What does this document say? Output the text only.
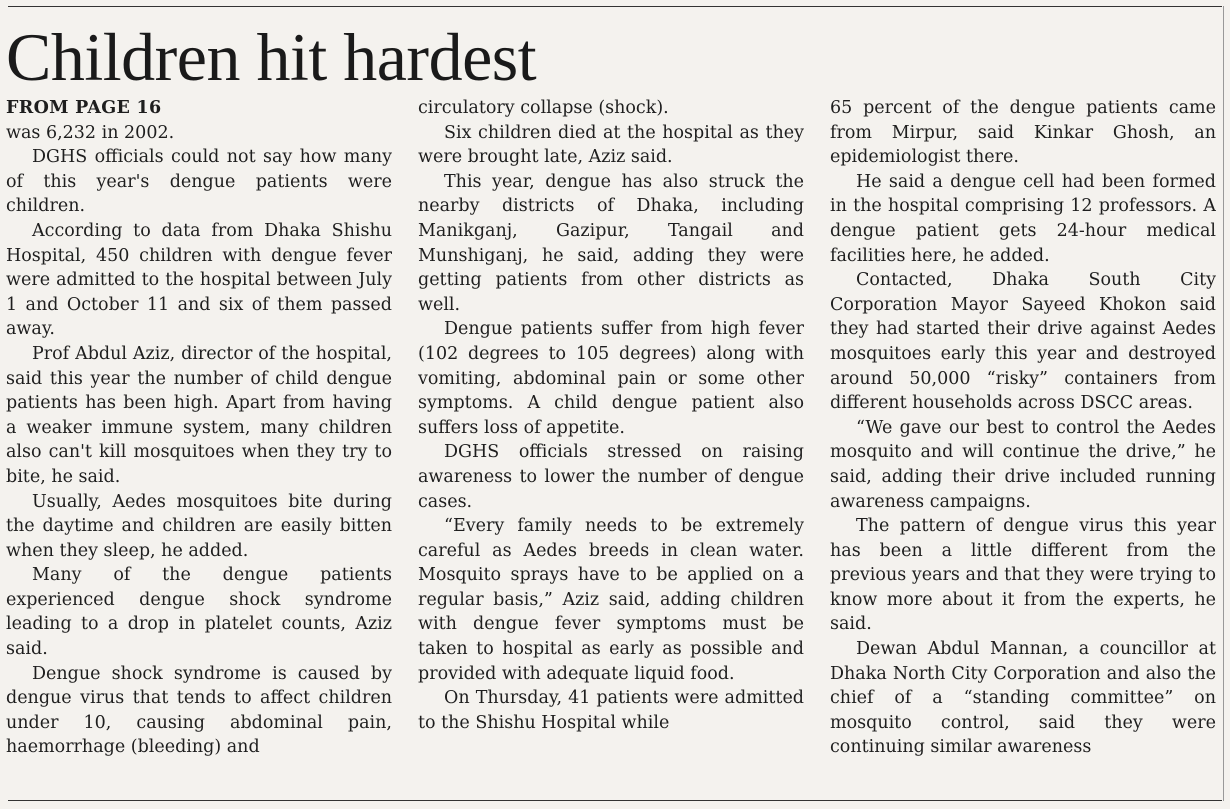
Children hit hardest

FROM PAGE 16

was 6,232 in 2002.

DGHS officials could not say how many of this year's dengue patients were children.

According to data from Dhaka Shishu Hospital, 450 children with dengue fever were admitted to the hospital between July 1 and October 11 and six of them passed away.

Prof Abdul Aziz, director of the hospital, said this year the number of child dengue patients has been high. Apart from having a weaker immune system, many children also can't kill mosquitoes when they try to bite, he said.

Usually, Aedes mosquitoes bite during the daytime and children are easily bitten when they sleep, he added.

Many of the dengue patients experienced dengue shock syndrome leading to a drop in platelet counts, Aziz said.

Dengue shock syndrome is caused by dengue virus that tends to affect children under 10, causing abdominal pain, haemorrhage (bleeding) and

circulatory collapse (shock).

Six children died at the hospital as they were brought late, Aziz said.

This year, dengue has also struck the nearby districts of Dhaka, including Manikganj, Gazipur, Tangail and Munshiganj, he said, adding they were getting patients from other districts as well.

Dengue patients suffer from high fever (102 degrees to 105 degrees) along with vomiting, abdominal pain or some other symptoms. A child dengue patient also suffers loss of appetite.

DGHS officials stressed on raising awareness to lower the number of dengue cases.

“Every family needs to be extremely careful as Aedes breeds in clean water. Mosquito sprays have to be applied on a regular basis,” Aziz said, adding children with dengue fever symptoms must be taken to hospital as early as possible and provided with adequate liquid food.

On Thursday, 41 patients were admitted to the Shishu Hospital while

65 percent of the dengue patients came from Mirpur, said Kinkar Ghosh, an epidemiologist there.

He said a dengue cell had been formed in the hospital comprising 12 professors. A dengue patient gets 24-hour medical facilities here, he added.

Contacted, Dhaka South City Corporation Mayor Sayeed Khokon said they had started their drive against Aedes mosquitoes early this year and destroyed around 50,000 “risky” containers from different households across DSCC areas.

“We gave our best to control the Aedes mosquito and will continue the drive,” he said, adding their drive included running awareness campaigns.

The pattern of dengue virus this year has been a little different from the previous years and that they were trying to know more about it from the experts, he said.

Dewan Abdul Mannan, a councillor at Dhaka North City Corporation and also the chief of a “standing committee” on mosquito control, said they were continuing similar awareness
